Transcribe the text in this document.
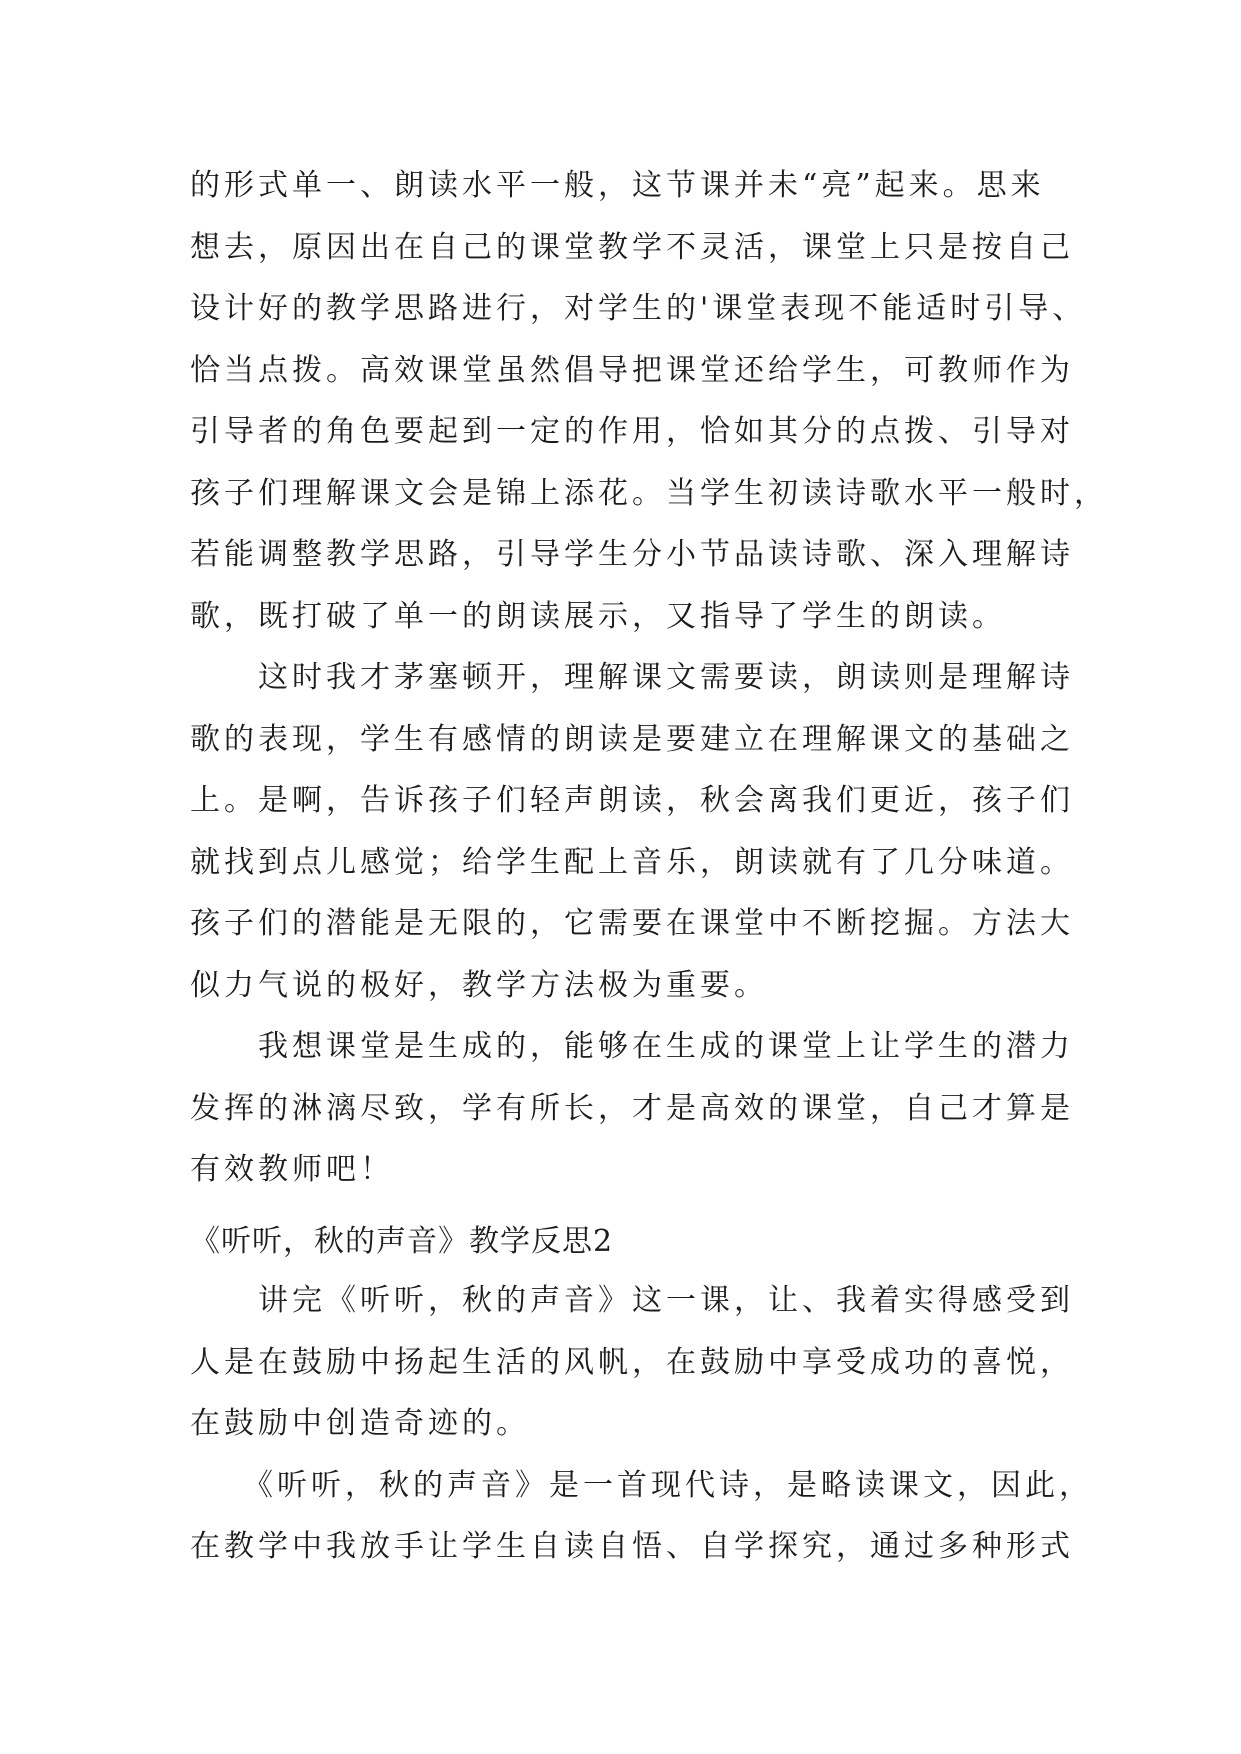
的形式单一、朗读水平一般，这节课并未“亮”起来。思来
想去，原因出在自己的课堂教学不灵活，课堂上只是按自己
设计好的教学思路进行，对学生的'课堂表现不能适时引导、
恰当点拨。高效课堂虽然倡导把课堂还给学生，可教师作为
引导者的角色要起到一定的作用，恰如其分的点拨、引导对
孩子们理解课文会是锦上添花。当学生初读诗歌水平一般时，
若能调整教学思路，引导学生分小节品读诗歌、深入理解诗
歌，既打破了单一的朗读展示，又指导了学生的朗读。
　　这时我才茅塞顿开，理解课文需要读，朗读则是理解诗
歌的表现，学生有感情的朗读是要建立在理解课文的基础之
上。是啊，告诉孩子们轻声朗读，秋会离我们更近，孩子们
就找到点儿感觉；给学生配上音乐，朗读就有了几分味道。
孩子们的潜能是无限的，它需要在课堂中不断挖掘。方法大
似力气说的极好，教学方法极为重要。
　　我想课堂是生成的，能够在生成的课堂上让学生的潜力
发挥的淋漓尽致，学有所长，才是高效的课堂，自己才算是
有效教师吧！
《听听，秋的声音》教学反思2
　　讲完《听听，秋的声音》这一课，让、我着实得感受到
人是在鼓励中扬起生活的风帆，在鼓励中享受成功的喜悦，
在鼓励中创造奇迹的。
　　《听听，秋的声音》是一首现代诗，是略读课文，因此，
在教学中我放手让学生自读自悟、自学探究，通过多种形式
